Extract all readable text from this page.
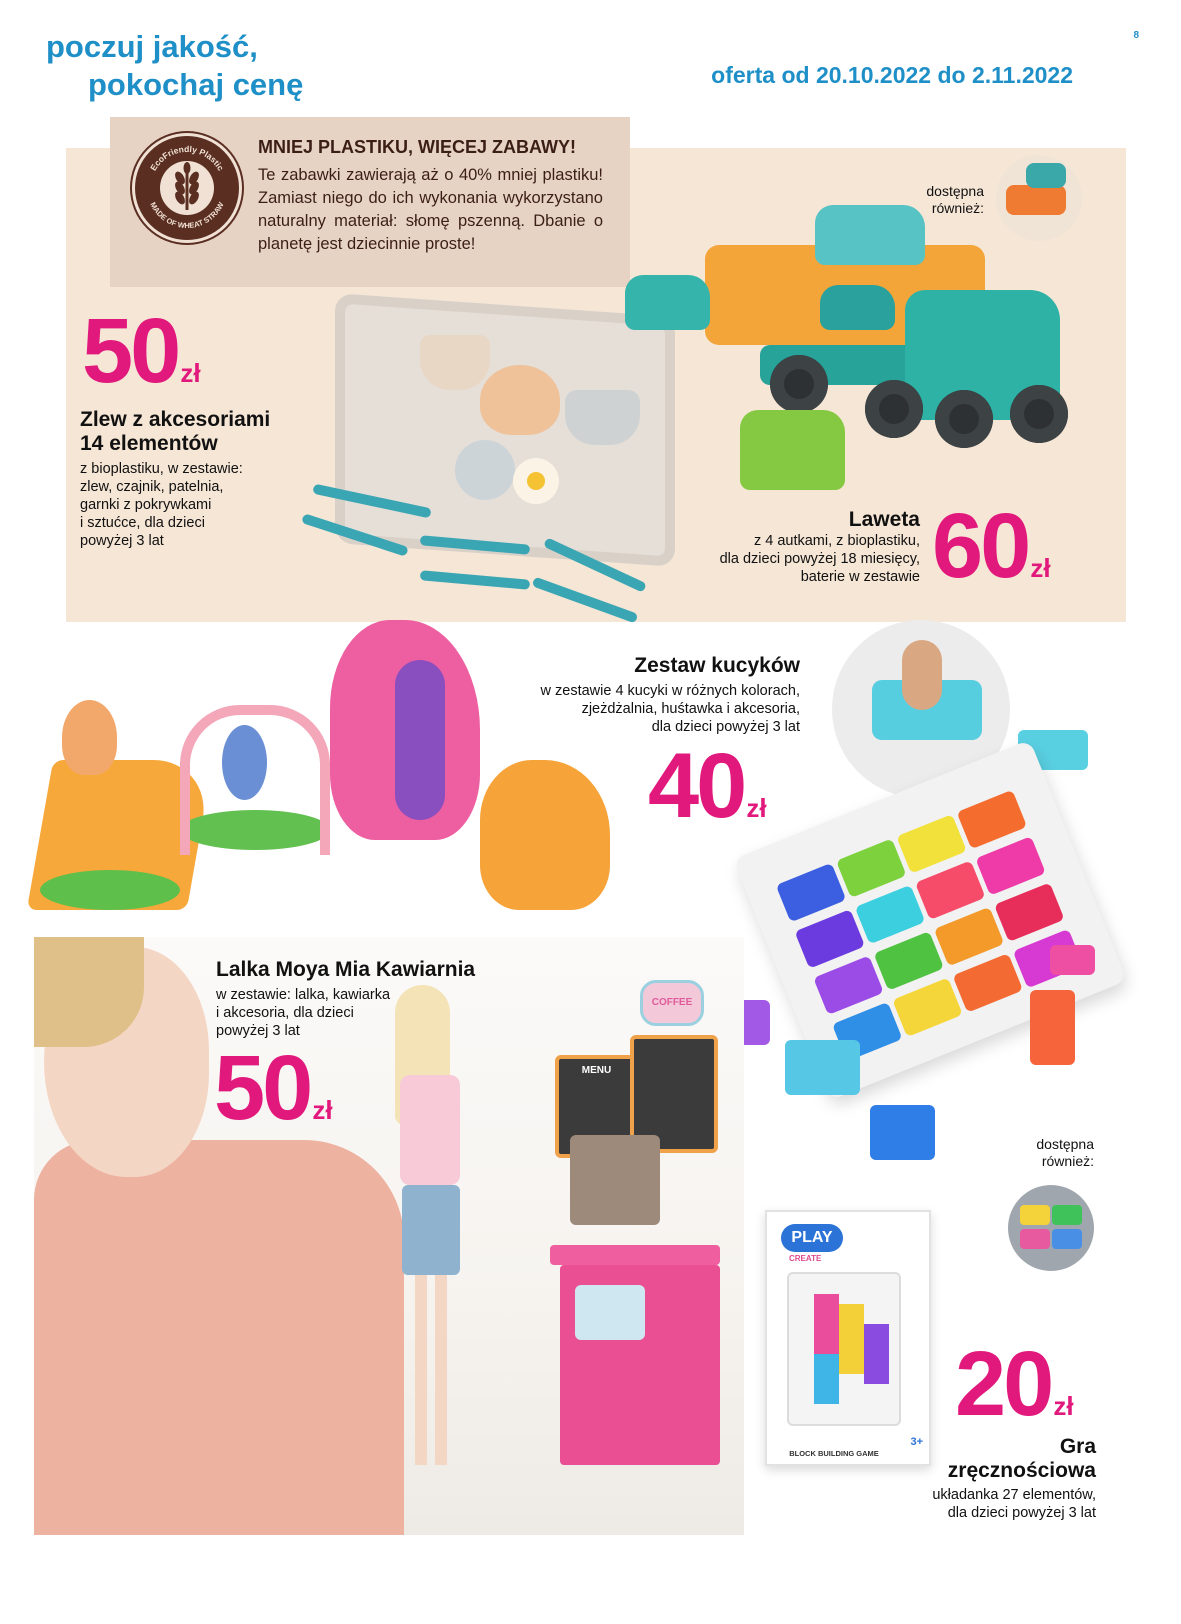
poczuj jakość,
pokochaj cenę
8
oferta od 20.10.2022 do 2.11.2022
EcoFriendly Plastic
MADE OF WHEAT STRAW
MNIEJ PLASTIKU, WIĘCEJ ZABAWY!
Te zabawki zawierają aż o 40% mniej plastiku! Zamiast niego do ich wykonania wykorzystano naturalny materiał: słomę pszenną. Dbanie o planetę jest dziecinnie proste!
50zł
Zlew z akcesoriami
14 elementów
z bioplastiku, w zestawie:
zlew, czajnik, patelnia,
garnki z pokrywkami
i sztućce, dla dzieci
powyżej 3 lat
dostępna
również:
Laweta
z 4 autkami, z bioplastiku,
dla dzieci powyżej 18 miesięcy,
baterie w zestawie 60zł
Zestaw kucyków
w zestawie 4 kucyki w różnych kolorach,
zjeżdżalnia, huśtawka i akcesoria,
dla dzieci powyżej 3 lat
40zł
COFFEE
MENU
Lalka Moya Mia Kawiarnia
w zestawie: lalka, kawiarka
i akcesoria, dla dzieci
powyżej 3 lat
50zł
dostępna
również:
PLAY
CREATE
BLOCK BUILDING GAME
3+
20zł
Gra
zręcznościowa
układanka 27 elementów,
dla dzieci powyżej 3 lat
